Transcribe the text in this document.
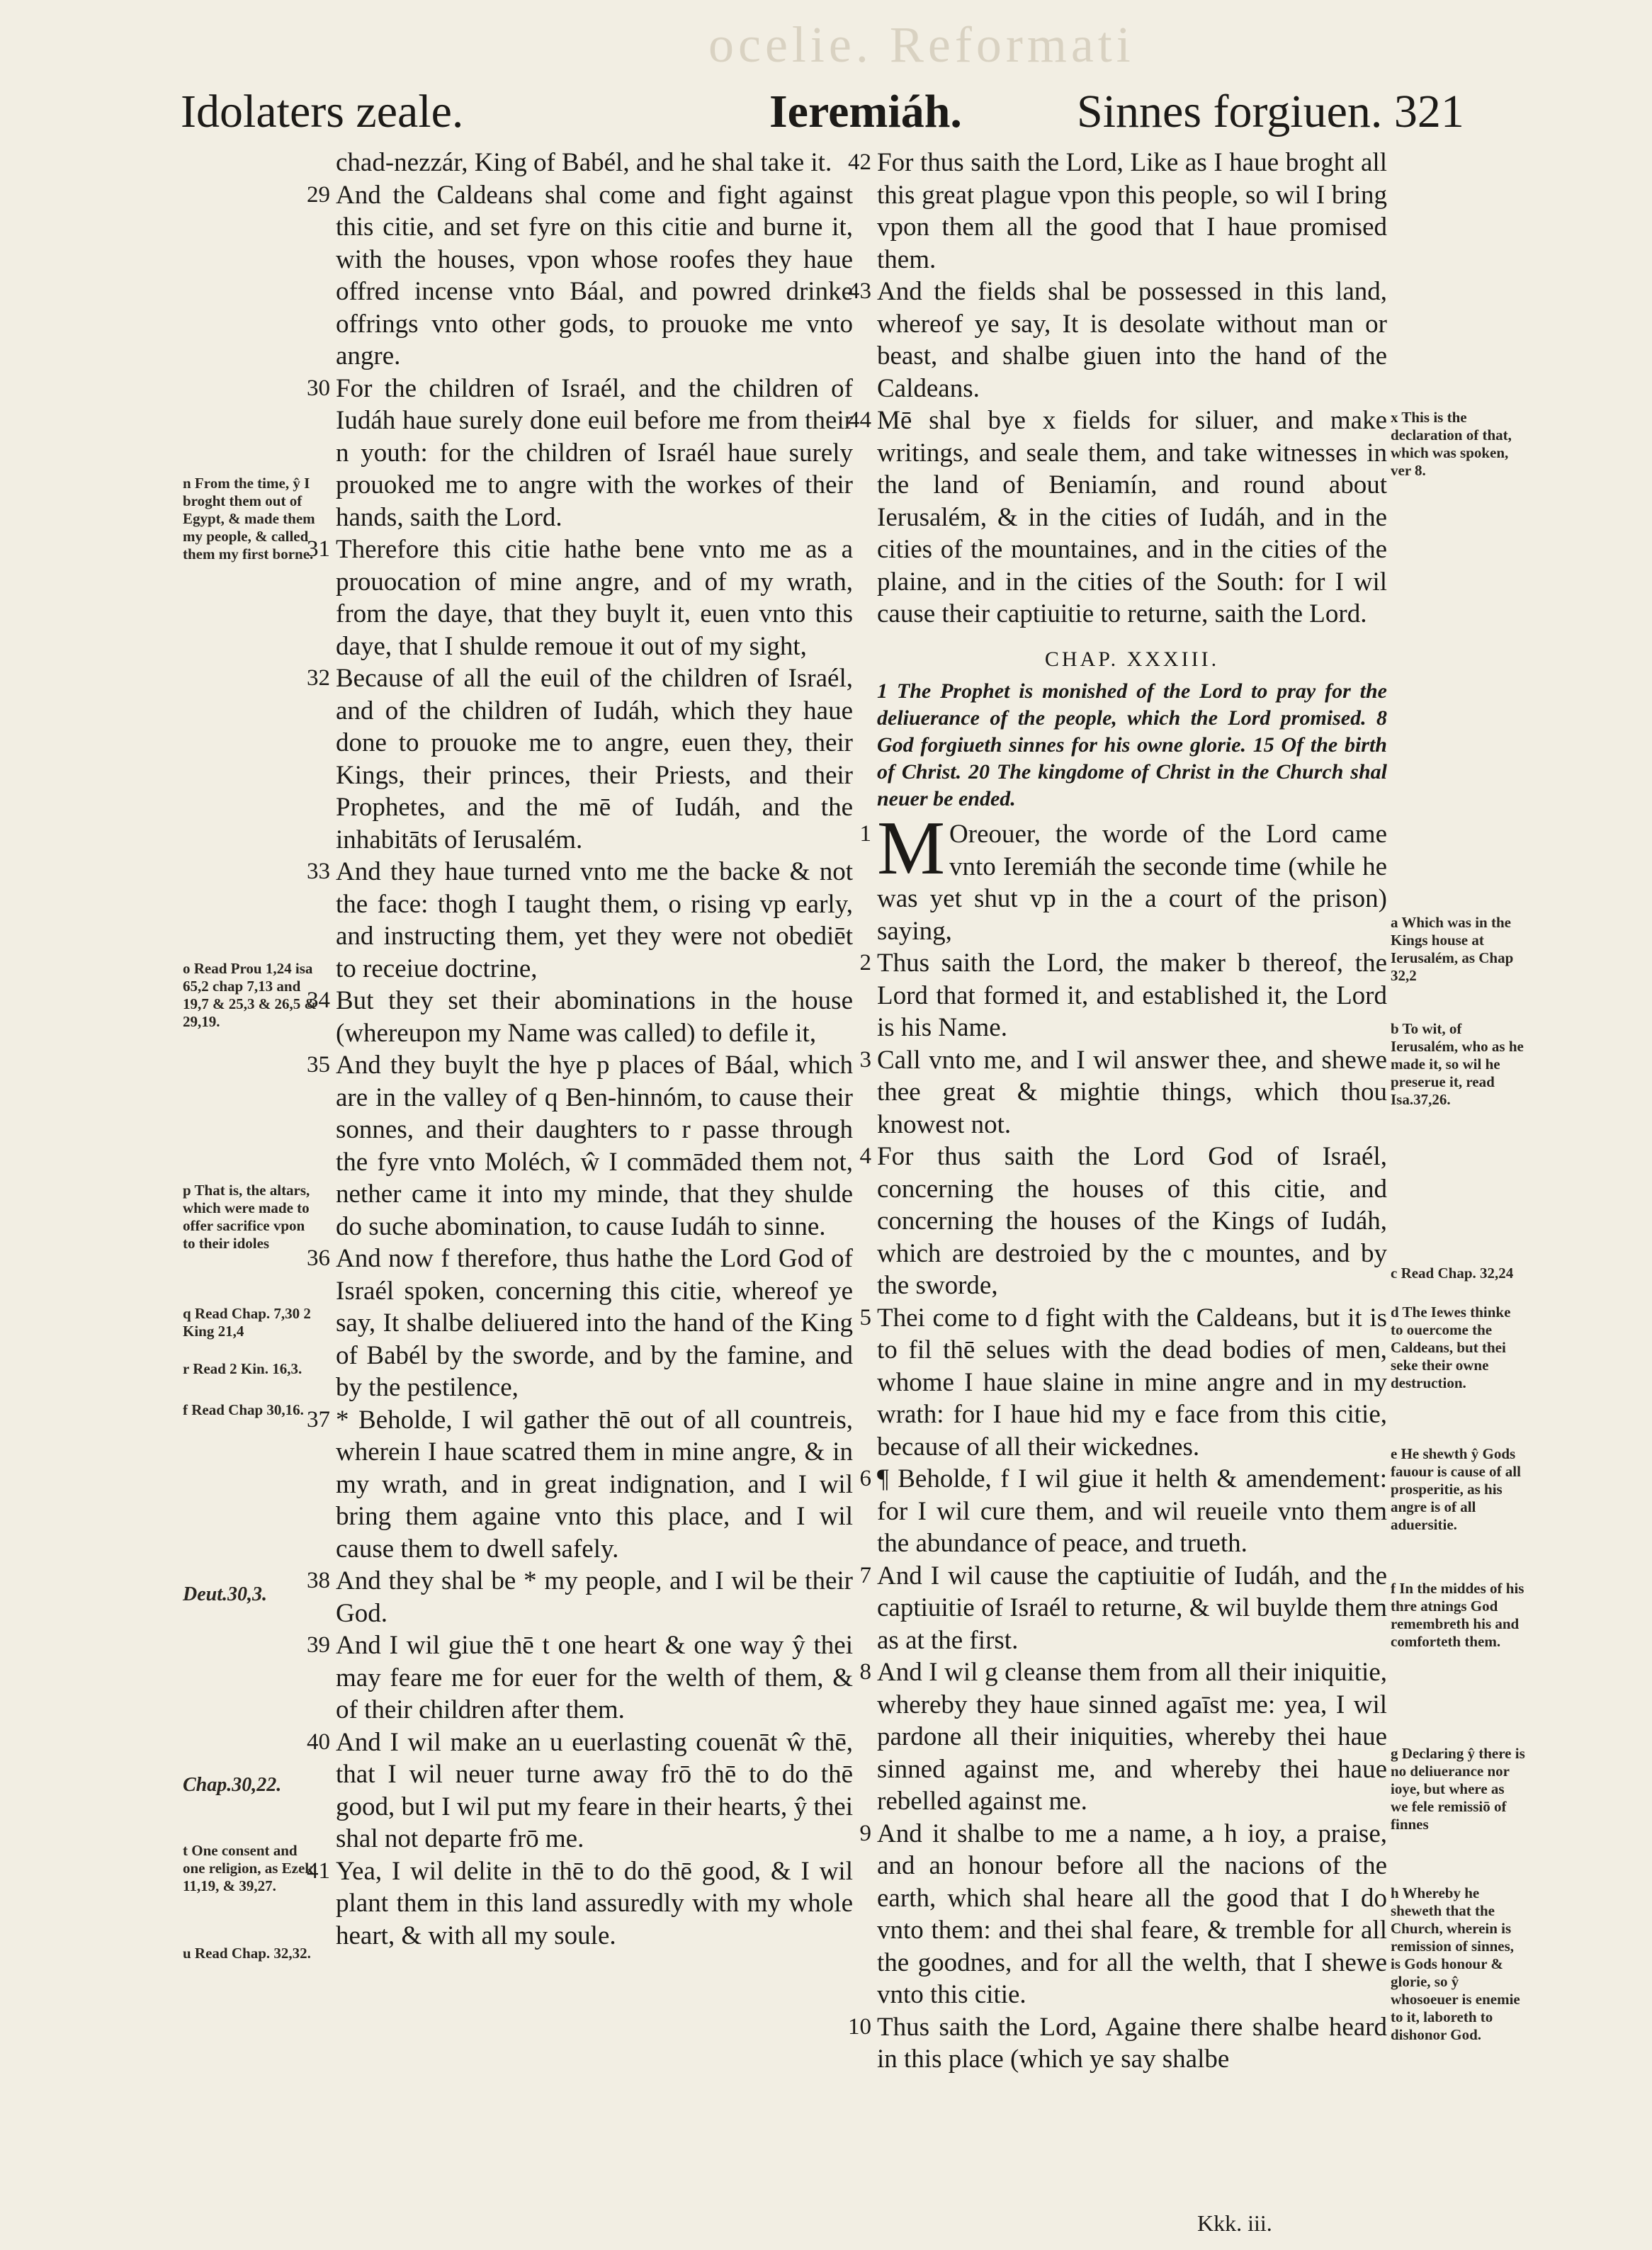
ocelie. Reformati
Idolaters zeale.	Ieremiáh. Sinnes forgiuen. 321

chad-nezzár, King of Babél, and he shal take it.

29 And the Caldeans shal come and fight against this citie, and set fyre on this citie and burne it, with the houses, vpon whose roofes they haue offred incense vnto Báal, and powred drinke offrings vnto other gods, to prouoke me vnto angre.

30 For the children of Israél, and the children of Iudáh haue surely done euil before me from their n youth: for the children of Israél haue surely prouoked me to angre with the workes of their hands, saith the Lord.

31 Therefore this citie hathe bene vnto me as a prouocation of mine angre, and of my wrath, from the daye, that they buylt it, euen vnto this daye, that I shulde remoue it out of my sight,

32 Because of all the euil of the children of Israél, and of the children of Iudáh, which they haue done to prouoke me to angre, euen they, their Kings, their princes, their Priests, and their Prophetes, and the mē of Iudáh, and the inhabitāts of Ierusalém.

33 And they haue turned vnto me the backe & not the face: thogh I taught them, o rising vp early, and instructing them, yet they were not obediēt to receiue doctrine,

34 But they set their abominations in the house (whereupon my Name was called) to defile it,

35 And they buylt the hye p places of Báal, which are in the valley of q Ben-hinnóm, to cause their sonnes, and their daughters to r passe through the fyre vnto Moléch, ŵ I commāded them not, nether came it into my minde, that they shulde do suche abomination, to cause Iudáh to sinne.

36 And now f therefore, thus hathe the Lord God of Israél spoken, concerning this citie, whereof ye say, It shalbe deliuered into the hand of the King of Babél by the sworde, and by the famine, and by the pestilence,

37 * Beholde, I wil gather thē out of all countreis, wherein I haue scatred them in mine angre, & in my wrath, and in great indignation, and I wil bring them againe vnto this place, and I wil cause them to dwell safely.

38 And they shal be * my people, and I wil be their God.

39 And I wil giue thē t one heart & one way ŷ thei may feare me for euer for the welth of them, & of their children after them.

40 And I wil make an u euerlasting couenāt ŵ thē, that I wil neuer turne away frō thē to do thē good, but I wil put my feare in their hearts, ŷ thei shal not departe frō me.

41 Yea, I wil delite in thē to do thē good, & I wil plant them in this land assuredly with my whole heart, & with all my soule.

42 For thus saith the Lord, Like as I haue broght all this great plague vpon this people, so wil I bring vpon them all the good that I haue promised them.

43 And the fields shal be possessed in this land, whereof ye say, It is desolate without man or beast, and shalbe giuen into the hand of the Caldeans.

44 Mē shal bye x fields for siluer, and make writings, and seale them, and take witnesses in the land of Beniamín, and round about Ierusalém, & in the cities of Iudáh, and in the cities of the mountaines, and in the cities of the plaine, and in the cities of the South: for I wil cause their captiuitie to returne, saith the Lord.

CHAP. XXXIII.

1 The Prophet is monished of the Lord to pray for the deliuerance of the people, which the Lord promised. 8 God forgiueth sinnes for his owne glorie. 15 Of the birth of Christ. 20 The kingdome of Christ in the Church shal neuer be ended.

1 M Oreouer, the worde of the Lord came vnto Ieremiáh the seconde time (while he was yet shut vp in the a court of the prison) saying,

2 Thus saith the Lord, the maker b thereof, the Lord that formed it, and established it, the Lord is his Name.

3 Call vnto me, and I wil answer thee, and shewe thee great & mightie things, which thou knowest not.

4 For thus saith the Lord God of Israél, concerning the houses of this citie, and concerning the houses of the Kings of Iudáh, which are destroied by the c mountes, and by the sworde,

5 Thei come to d fight with the Caldeans, but it is to fil thē selues with the dead bodies of men, whome I haue slaine in mine angre and in my wrath: for I haue hid my e face from this citie, because of all their wickednes.

6 ¶ Beholde, f I wil giue it helth & amendement: for I wil cure them, and wil reueile vnto them the abundance of peace, and trueth.

7 And I wil cause the captiuitie of Iudáh, and the captiuitie of Israél to returne, & wil buylde them as at the first.

8 And I wil g cleanse them from all their iniquitie, whereby they haue sinned agaīst me: yea, I wil pardone all their iniquities, whereby thei haue sinned against me, and whereby thei haue rebelled against me.

9 And it shalbe to me a name, a h ioy, a praise, and an honour before all the nacions of the earth, which shal heare all the good that I do vnto them: and thei shal feare, & tremble for all the goodnes, and for all the welth, that I shewe vnto this citie.

10 Thus saith the Lord, Againe there shalbe heard in this place (which ye say shalbe

n From the time, ŷ I broght them out of Egypt, & made them my people, & called them my first borne.
o Read Prou 1,24 isa 65,2 chap 7,13 and 19,7 & 25,3 & 26,5 & 29,19.
p That is, the altars, which were made to offer sacrifice vpon to their idoles
q Read Chap. 7,30 2 King 21,4
r Read 2 Kin. 16,3.
f Read Chap 30,16.
Deut.30,3.
Chap.30,22.
t One consent and one religion, as Ezek. 11,19, & 39,27.
u Read Chap. 32,32.
x This is the declaration of that, which was spoken, ver 8.
a Which was in the Kings house at Ierusalém, as Chap 32,2
b To wit, of Ierusalém, who as he made it, so wil he preserue it, read Isa.37,26.
c Read Chap. 32,24
d The Iewes thinke to ouercome the Caldeans, but thei seke their owne destruction.
e He shewth ŷ Gods fauour is cause of all prosperitie, as his angre is of all aduersitie.
f In the middes of his thre atnings God remembreth his and comforteth them.
g Declaring ŷ there is no deliuerance nor ioye, but where as we fele remissiō of finnes
h Whereby he sheweth that the Church, wherein is remission of sinnes, is Gods honour & glorie, so ŷ whosoeuer is enemie to it, laboreth to dishonor God.
Kkk. iii.
